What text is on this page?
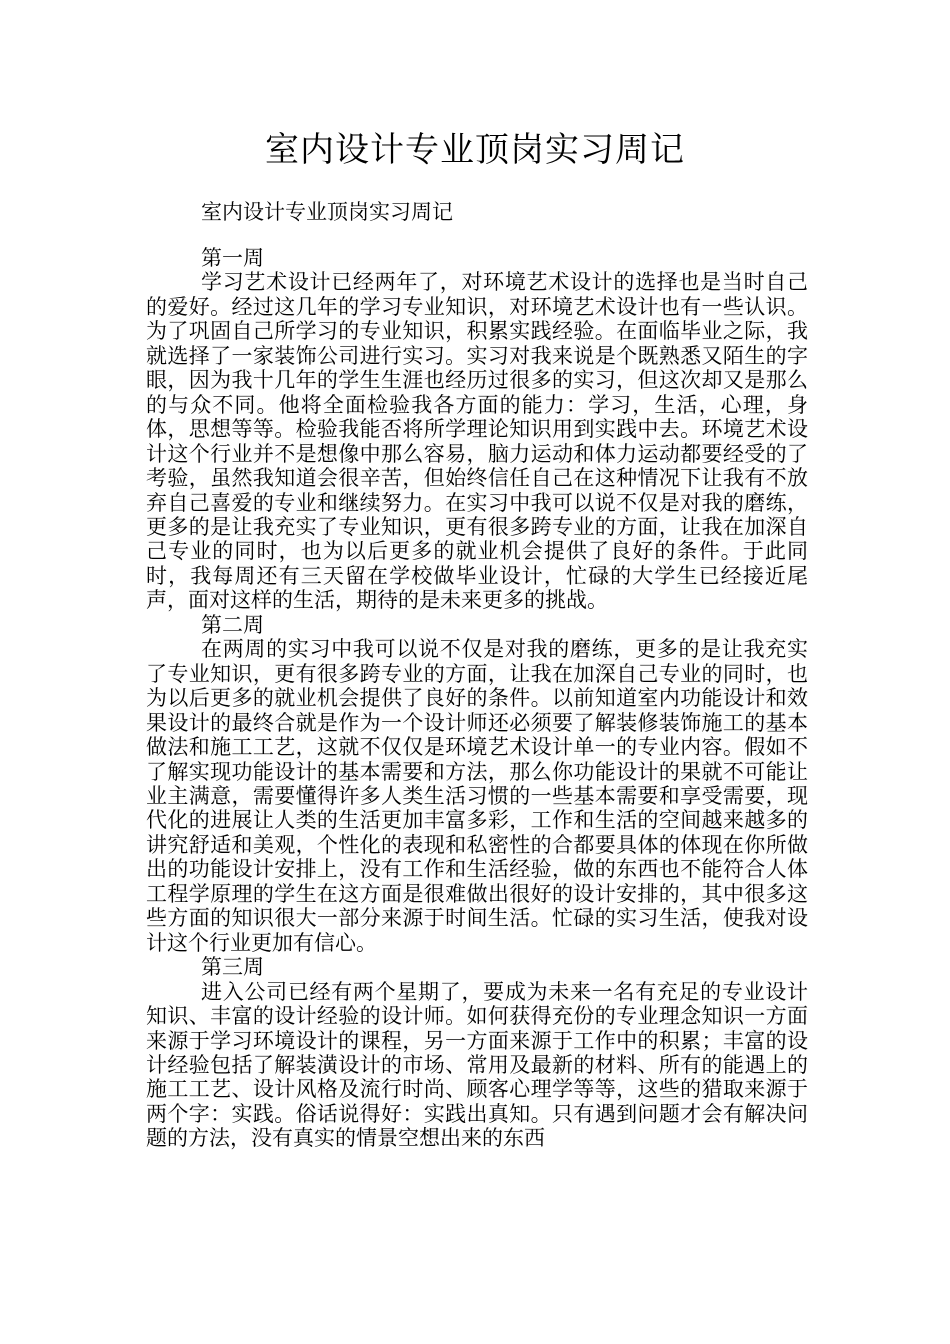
室内设计专业顶岗实习周记

室内设计专业顶岗实习周记

第一周

学习艺术设计已经两年了，对环境艺术设计的选择也是当时自己的爱好。经过这几年的学习专业知识，对环境艺术设计也有一些认识。为了巩固自己所学习的专业知识，积累实践经验。在面临毕业之际，我就选择了一家装饰公司进行实习。实习对我来说是个既熟悉又陌生的字眼，因为我十几年的学生生涯也经历过很多的实习，但这次却又是那么的与众不同。他将全面检验我各方面的能力：学习，生活，心理，身体，思想等等。检验我能否将所学理论知识用到实践中去。环境艺术设计这个行业并不是想像中那么容易，脑力运动和体力运动都要经受的了考验，虽然我知道会很辛苦，但始终信任自己在这种情况下让我有不放弃自己喜爱的专业和继续努力。在实习中我可以说不仅是对我的磨练，更多的是让我充实了专业知识，更有很多跨专业的方面，让我在加深自己专业的同时，也为以后更多的就业机会提供了良好的条件。于此同时，我每周还有三天留在学校做毕业设计，忙碌的大学生已经接近尾声，面对这样的生活，期待的是未来更多的挑战。

第二周

在两周的实习中我可以说不仅是对我的磨练，更多的是让我充实了专业知识，更有很多跨专业的方面，让我在加深自己专业的同时，也为以后更多的就业机会提供了良好的条件。以前知道室内功能设计和效果设计的最终合就是作为一个设计师还必须要了解装修装饰施工的基本做法和施工工艺，这就不仅仅是环境艺术设计单一的专业内容。假如不了解实现功能设计的基本需要和方法，那么你功能设计的果就不可能让业主满意，需要懂得许多人类生活习惯的一些基本需要和享受需要，现代化的进展让人类的生活更加丰富多彩，工作和生活的空间越来越多的讲究舒适和美观，个性化的表现和私密性的合都要具体的体现在你所做出的功能设计安排上，没有工作和生活经验，做的东西也不能符合人体工程学原理的学生在这方面是很难做出很好的设计安排的，其中很多这些方面的知识很大一部分来源于时间生活。忙碌的实习生活，使我对设计这个行业更加有信心。

第三周

进入公司已经有两个星期了，要成为未来一名有充足的专业设计知识、丰富的设计经验的设计师。如何获得充份的专业理念知识一方面来源于学习环境设计的课程，另一方面来源于工作中的积累；丰富的设计经验包括了解装潢设计的市场、常用及最新的材料、所有的能遇上的施工工艺、设计风格及流行时尚、顾客心理学等等，这些的猎取来源于两个字：实践。俗话说得好：实践出真知。只有遇到问题才会有解决问题的方法，没有真实的情景空想出来的东西
